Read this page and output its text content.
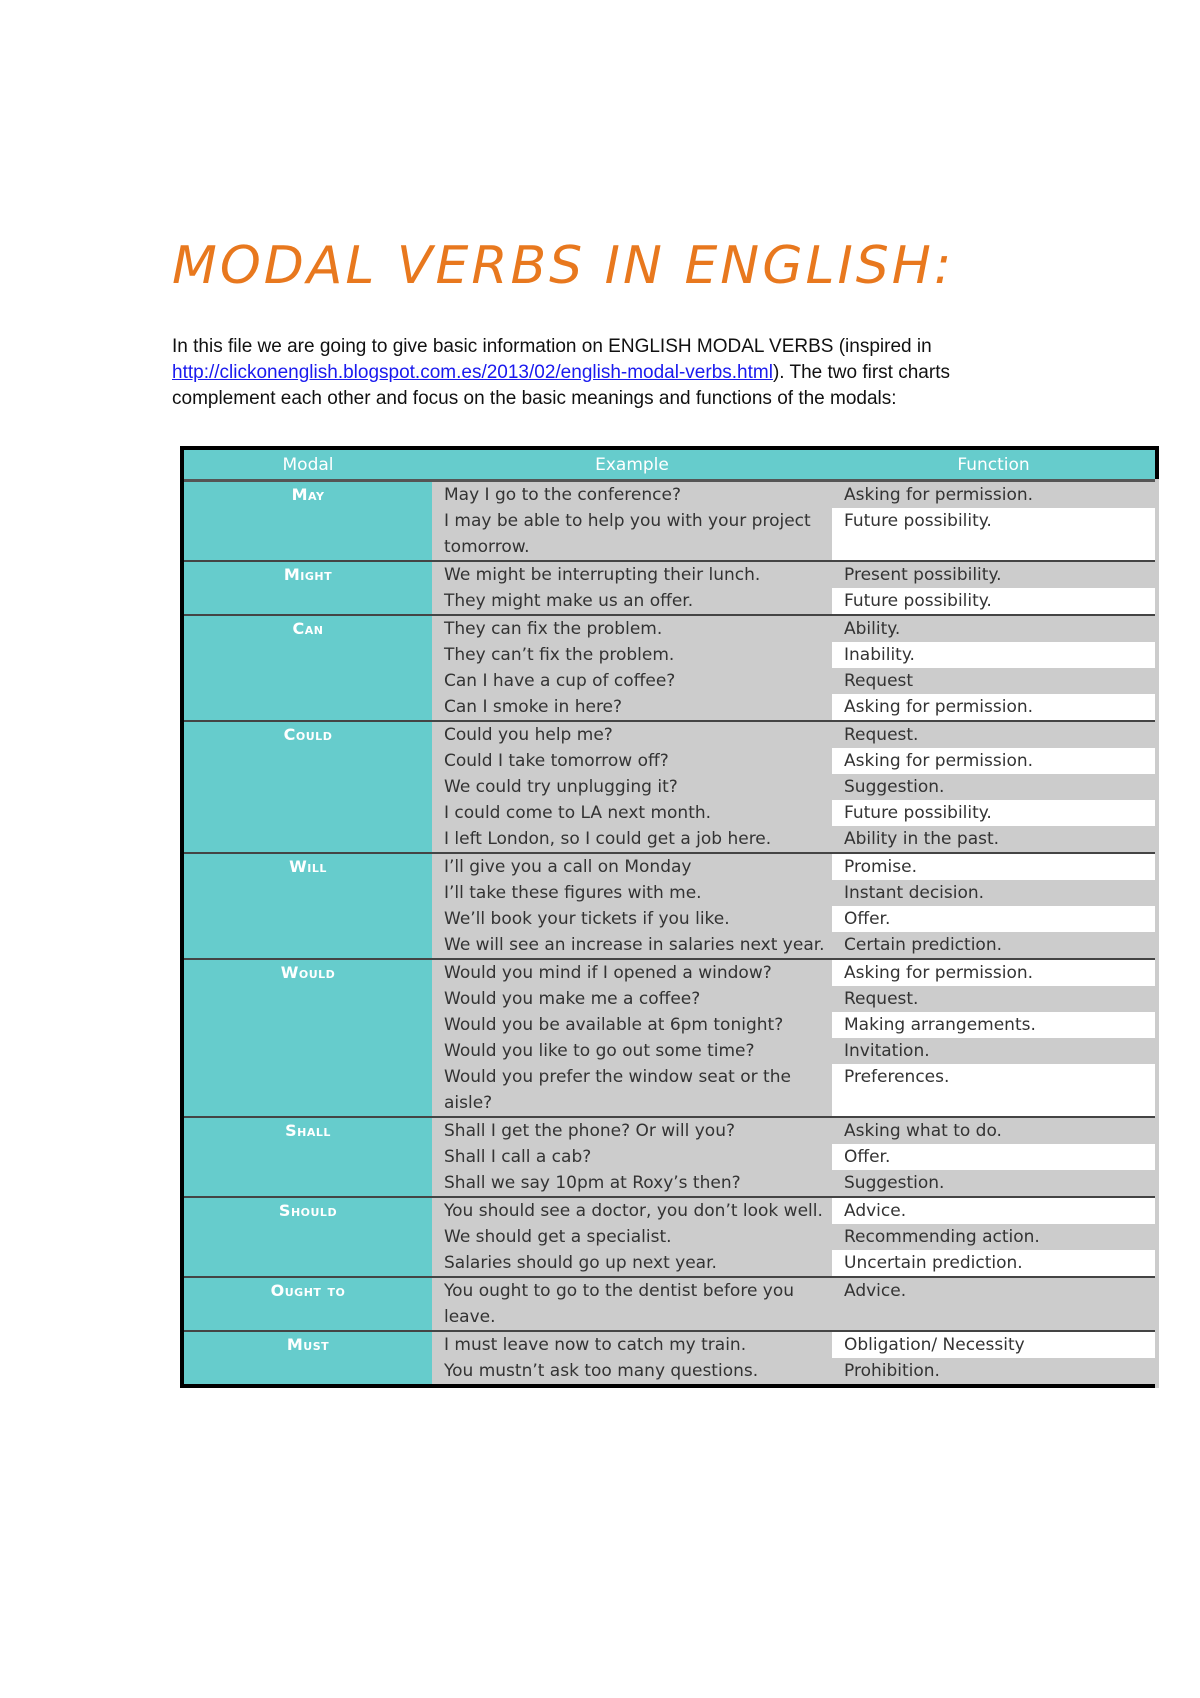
MODAL VERBS IN ENGLISH:

In this file we are going to give basic information on ENGLISH MODAL VERBS (inspired in http://clickonenglish.blogspot.com.es/2013/02/english-modal-verbs.html). The two first charts complement each other and focus on the basic meanings and functions of the modals:

Modal	Example	Function
May	May I go to the conference?	Asking for permission.
	I may be able to help you with your project tomorrow.	Future possibility.
Might	We might be interrupting their lunch.	Present possibility.
	They might make us an offer.	Future possibility.
Can	They can fix the problem.	Ability.
	They can’t fix the problem.	Inability.
	Can I have a cup of coffee?	Request
	Can I smoke in here?	Asking for permission.
Could	Could you help me?	Request.
	Could I take tomorrow off?	Asking for permission.
	We could try unplugging it?	Suggestion.
	I could come to LA next month.	Future possibility.
	I left London, so I could get a job here.	Ability in the past.
Will	I’ll give you a call on Monday	Promise.
	I’ll take these figures with me.	Instant decision.
	We’ll book your tickets if you like.	Offer.
	We will see an increase in salaries next year.	Certain prediction.
Would	Would you mind if I opened a window?	Asking for permission.
	Would you make me a coffee?	Request.
	Would you be available at 6pm tonight?	Making arrangements.
	Would you like to go out some time?	Invitation.
	Would you prefer the window seat or the aisle?	Preferences.
Shall	Shall I get the phone? Or will you?	Asking what to do.
	Shall I call a cab?	Offer.
	Shall we say 10pm at Roxy’s then?	Suggestion.
Should	You should see a doctor, you don’t look well.	Advice.
	We should get a specialist.	Recommending action.
	Salaries should go up next year.	Uncertain prediction.
Ought to	You ought to go to the dentist before you leave.	Advice.
Must	I must leave now to catch my train.	Obligation/ Necessity
	You mustn’t ask too many questions.	Prohibition.
